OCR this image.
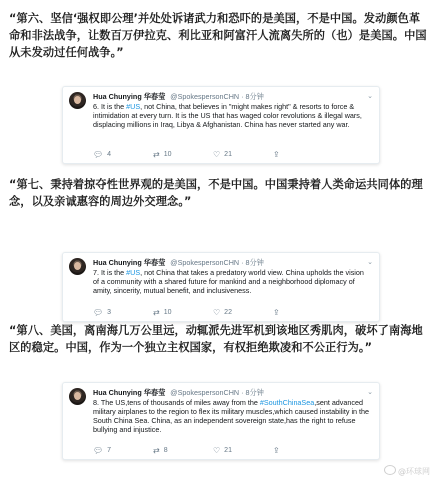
“第六、坚信‘强权即公理’并处处诉诸武力和恐吓的是美国，不是中国。发动颜色革命和非法战争，让数百万伊拉克、利比亚和阿富汗人流离失所的（也）是美国。中国从未发动过任何战争。”
Hua Chunying 华春莹 @SpokespersonCHN · 8分钟	⌄
6. It is the #US, not China, that believes in "might makes right" & resorts to force & intimidation at every turn. It is the US that has waged color revolutions & illegal wars, displacing millions in Iraq, Libya & Afghanistan. China has never started any war.
💬︎ 4	⇄ 10	♡ 21	⇪
“第七、秉持着掠夺性世界观的是美国，不是中国。中国秉持着人类命运共同体的理念，以及亲诚惠容的周边外交理念。”
Hua Chunying 华春莹 @SpokespersonCHN · 8分钟	⌄
7. It is the #US, not China that takes a predatory world view. China upholds the vision of a community with a shared future for mankind and a neighborhood diplomacy of amity, sincerity, mutual benefit, and inclusiveness.
💬︎ 3	⇄ 10	♡ 22	⇪
“第八、美国，离南海几万公里远，动辄派先进军机到该地区秀肌肉，破坏了南海地区的稳定。中国，作为一个独立主权国家，有权拒绝欺凌和不公正行为。”
Hua Chunying 华春莹 @SpokespersonCHN · 8分钟	⌄
8. The US,tens of thousands of miles away from the #SouthChinaSea,sent advanced military airplanes to the region to flex its military muscles,which caused instability in the South China Sea. China, as an independent sovereign state,has the right to refuse bullying and injustice.
💬︎ 7	⇄ 8	♡ 21	⇪
@环球网
